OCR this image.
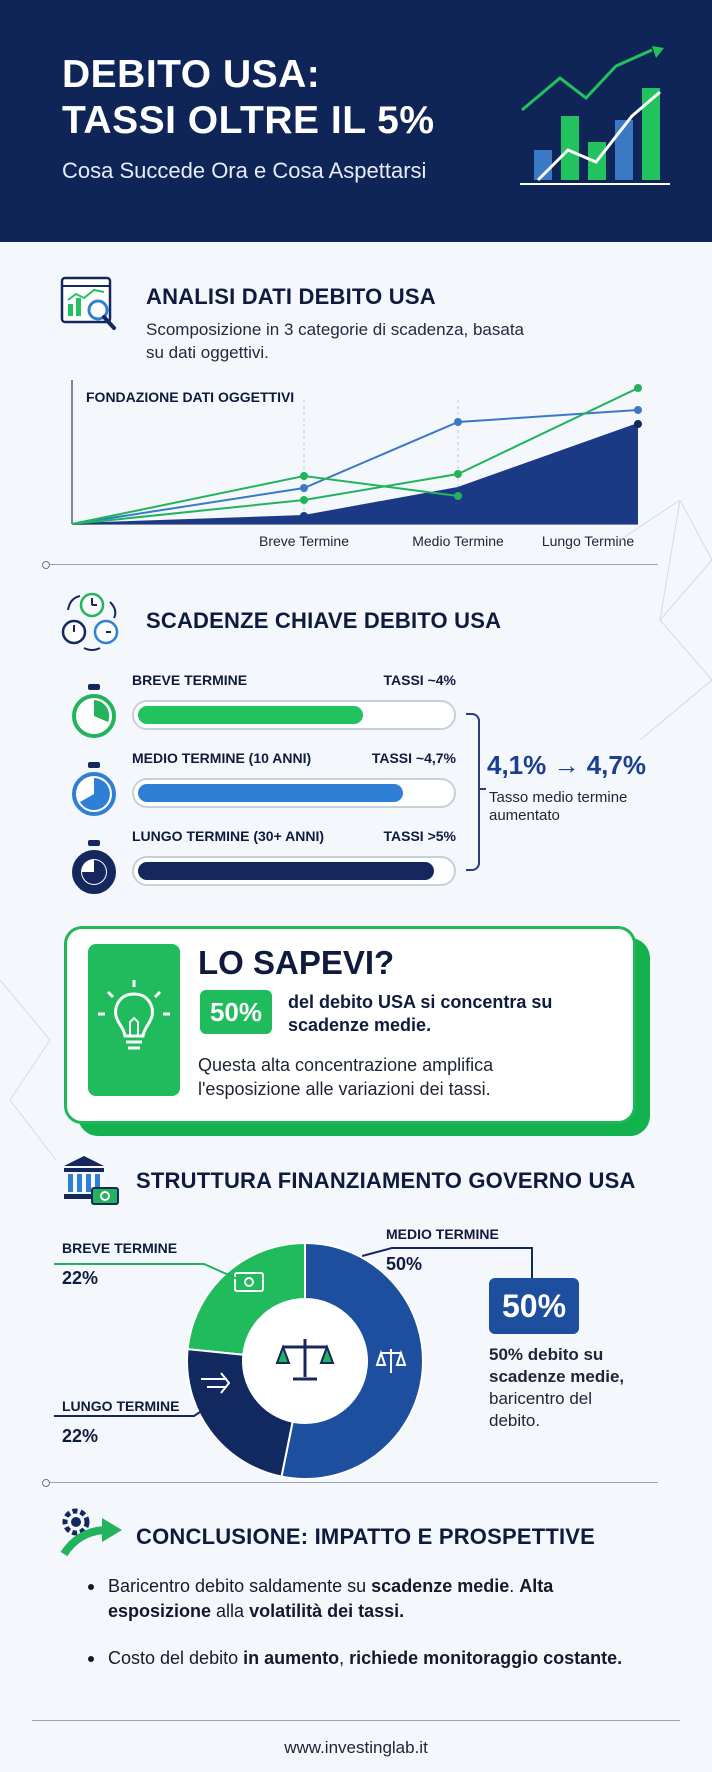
DEBITO USA:
TASSI OLTRE IL 5%
Cosa Succede Ora e Cosa Aspettarsi
ANALISI DATI DEBITO USA
Scomposizione in 3 categorie di scadenza, basata
su dati oggettivi.
FONDAZIONE DATI OGGETTIVI
Breve Termine	Medio Termine	Lungo Termine
SCADENZE CHIAVE DEBITO USA
BREVE TERMINE	TASSI ~4%
MEDIO TERMINE (10 ANNI)	TASSI ~4,7%
LUNGO TERMINE (30+ ANNI)	TASSI >5%
4,1% → 4,7%
Tasso medio termine
aumentato
LO SAPEVI?
50%	del debito USA si concentra su
scadenze medie.
Questa alta concentrazione amplifica
l'esposizione alle variazioni dei tassi.
STRUTTURA FINANZIAMENTO GOVERNO USA
BREVE TERMINE
22%
MEDIO TERMINE
50%
LUNGO TERMINE
22%
50%
50% debito su
scadenze medie,
baricentro del
debito.
CONCLUSIONE: IMPATTO E PROSPETTIVE
Baricentro debito saldamente su scadenze medie. Alta esposizione alla volatilità dei tassi.
Costo del debito in aumento, richiede monitoraggio costante.
www.investinglab.it
